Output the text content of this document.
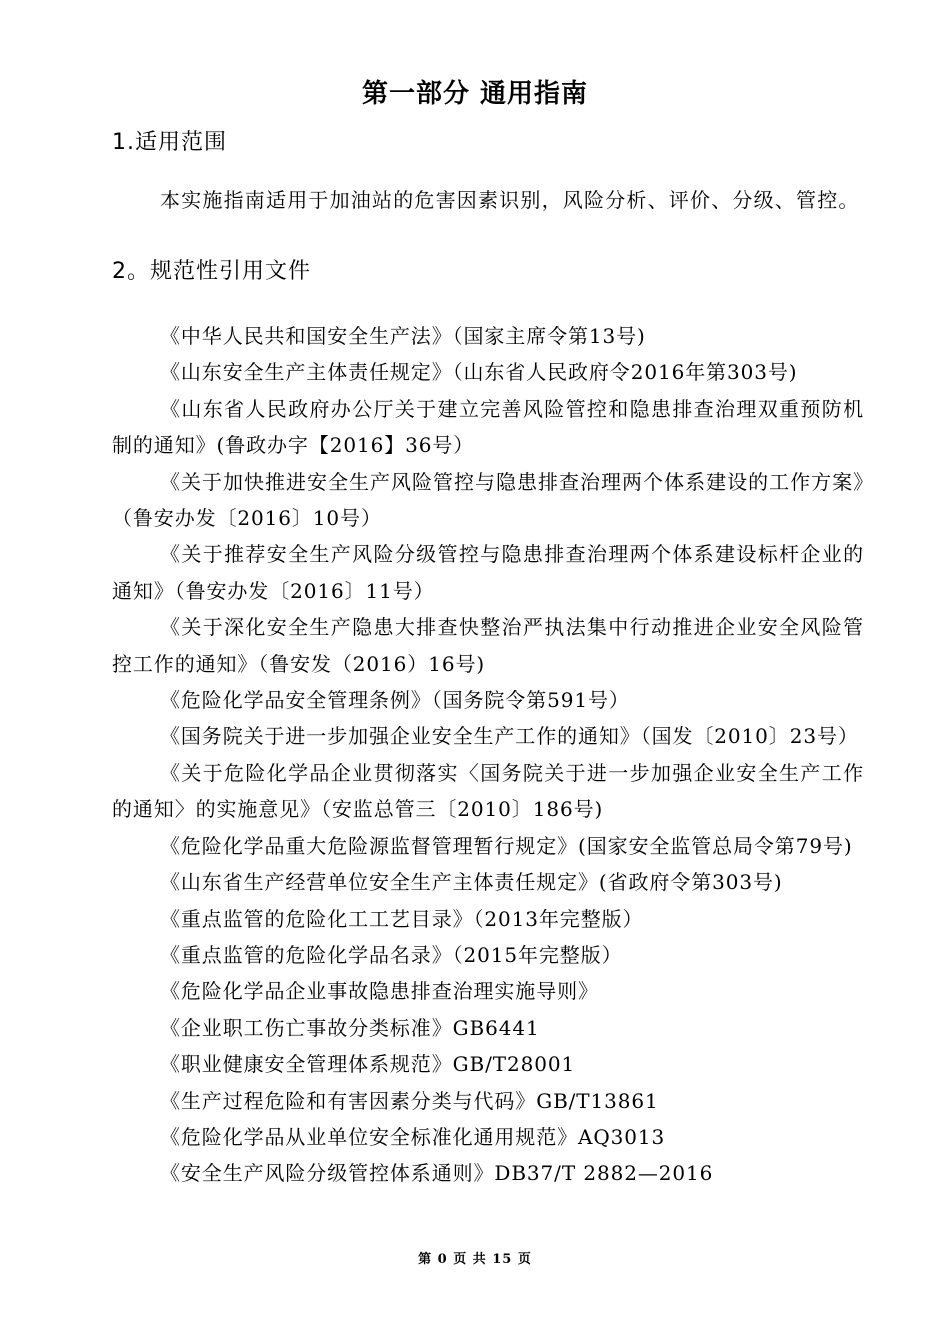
第一部分 通用指南
1.适用范围

本实施指南适用于加油站的危害因素识别，风险分析、评价、分级、管控。

2。规范性引用文件
《中华人民共和国安全生产法》（国家主席令第13号)
《山东安全生产主体责任规定》（山东省人民政府令2016年第303号)
《山东省人民政府办公厅关于建立完善风险管控和隐患排查治理双重预防机制的通知》(鲁政办字【2016】36号）
《关于加快推进安全生产风险管控与隐患排查治理两个体系建设的工作方案》（鲁安办发〔2016〕10号）
《关于推荐安全生产风险分级管控与隐患排查治理两个体系建设标杆企业的通知》（鲁安办发〔2016〕11号）
《关于深化安全生产隐患大排查快整治严执法集中行动推进企业安全风险管控工作的通知》（鲁安发（2016）16号)
《危险化学品安全管理条例》（国务院令第591号）
《国务院关于进一步加强企业安全生产工作的通知》（国发〔2010〕23号）
《关于危险化学品企业贯彻落实〈国务院关于进一步加强企业安全生产工作的通知〉的实施意见》（安监总管三〔2010〕186号)
《危险化学品重大危险源监督管理暂行规定》(国家安全监管总局令第79号)
《山东省生产经营单位安全生产主体责任规定》(省政府令第303号)
《重点监管的危险化工工艺目录》（2013年完整版）
《重点监管的危险化学品名录》（2015年完整版）
《危险化学品企业事故隐患排查治理实施导则》
《企业职工伤亡事故分类标准》GB6441
《职业健康安全管理体系规范》GB/T28001
《生产过程危险和有害因素分类与代码》GB/T13861
《危险化学品从业单位安全标准化通用规范》AQ3013
《安全生产风险分级管控体系通则》DB37/T 2882—2016
第 0 页 共 15 页
